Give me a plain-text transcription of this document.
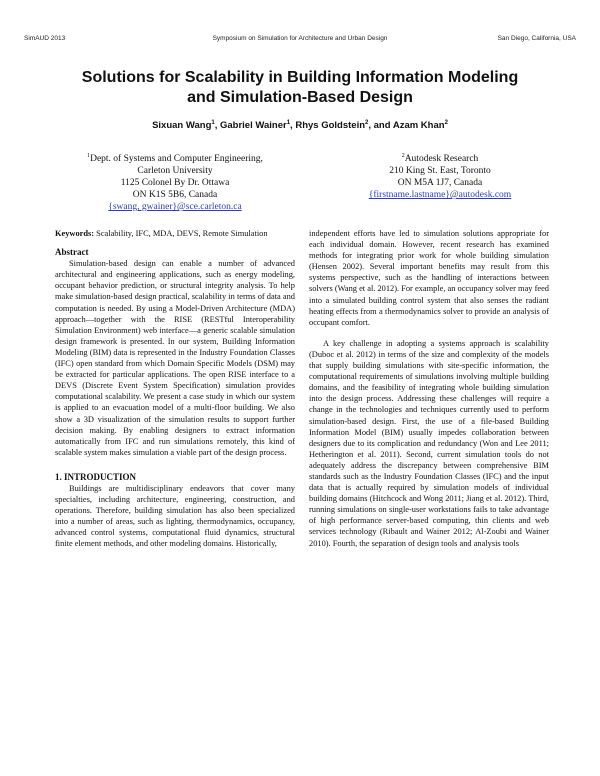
SimAUD 2013	Symposium on Simulation for Architecture and Urban Design	San Diego, California, USA
Solutions for Scalability in Building Information Modeling
and Simulation-Based Design
Sixuan Wang$^1$, Gabriel Wainer$^1$, Rhys Goldstein$^2$, and Azam Khan$^2$
$^1$Dept. of Systems and Computer Engineering,
Carleton University
1125 Colonel By Dr. Ottawa
ON K1S 5B6, Canada
{swang, gwainer}@sce.carleton.ca
$^2$Autodesk Research
210 King St. East, Toronto
ON M5A 1J7, Canada
{firstname.lastname}@autodesk.com

Keywords: Scalability, IFC, MDA, DEVS, Remote Simulation

Abstract

Simulation-based design can enable a number of advanced architectural and engineering applications, such as energy modeling, occupant behavior prediction, or structural integrity analysis. To help make simulation-based design practical, scalability in terms of data and computation is needed. By using a Model-Driven Architecture (MDA) approach—together with the RISE (RESTful Interoperability Simulation Environment) web interface—a generic scalable simulation design framework is presented. In our system, Building Information Modeling (BIM) data is represented in the Industry Foundation Classes (IFC) open standard from which Domain Specific Models (DSM) may be extracted for particular applications. The open RISE interface to a DEVS (Discrete Event System Specification) simulation provides computational scalability. We present a case study in which our system is applied to an evacuation model of a multi-floor building. We also show a 3D visualization of the simulation results to support further decision making. By enabling designers to extract information automatically from IFC and run simulations remotely, this kind of scalable system makes simulation a viable part of the design process.

1. INTRODUCTION

Buildings are multidisciplinary endeavors that cover many specialties, including architecture, engineering, construction, and operations. Therefore, building simulation has also been specialized into a number of areas, such as lighting, thermodynamics, occupancy, advanced control systems, computational fluid dynamics, structural finite element methods, and other modeling domains. Historically,

independent efforts have led to simulation solutions appropriate for each individual domain. However, recent research has examined methods for integrating prior work for whole building simulation (Hensen 2002). Several important benefits may result from this systems perspective, such as the handling of interactions between solvers (Wang et al. 2012). For example, an occupancy solver may feed into a simulated building control system that also senses the radiant heating effects from a thermodynamics solver to provide an analysis of occupant comfort.

A key challenge in adopting a systems approach is scalability (Duboc et al. 2012) in terms of the size and complexity of the models that supply building simulations with site-specific information, the computational requirements of simulations involving multiple building domains, and the feasibility of integrating whole building simulation into the design process. Addressing these challenges will require a change in the technologies and techniques currently used to perform simulation-based design. First, the use of a file-based Building Information Model (BIM) usually impedes collaboration between designers due to its complication and redundancy (Won and Lee 2011; Hetherington et al. 2011). Second, current simulation tools do not adequately address the discrepancy between comprehensive BIM standards such as the Industry Foundation Classes (IFC) and the input data that is actually required by simulation models of individual building domains (Hitchcock and Wong 2011; Jiang et al. 2012). Third, running simulations on single-user workstations fails to take advantage of high performance server-based computing, thin clients and web services technology (Ribault and Wainer 2012; Al-Zoubi and Wainer 2010). Fourth, the separation of design tools and analysis tools
